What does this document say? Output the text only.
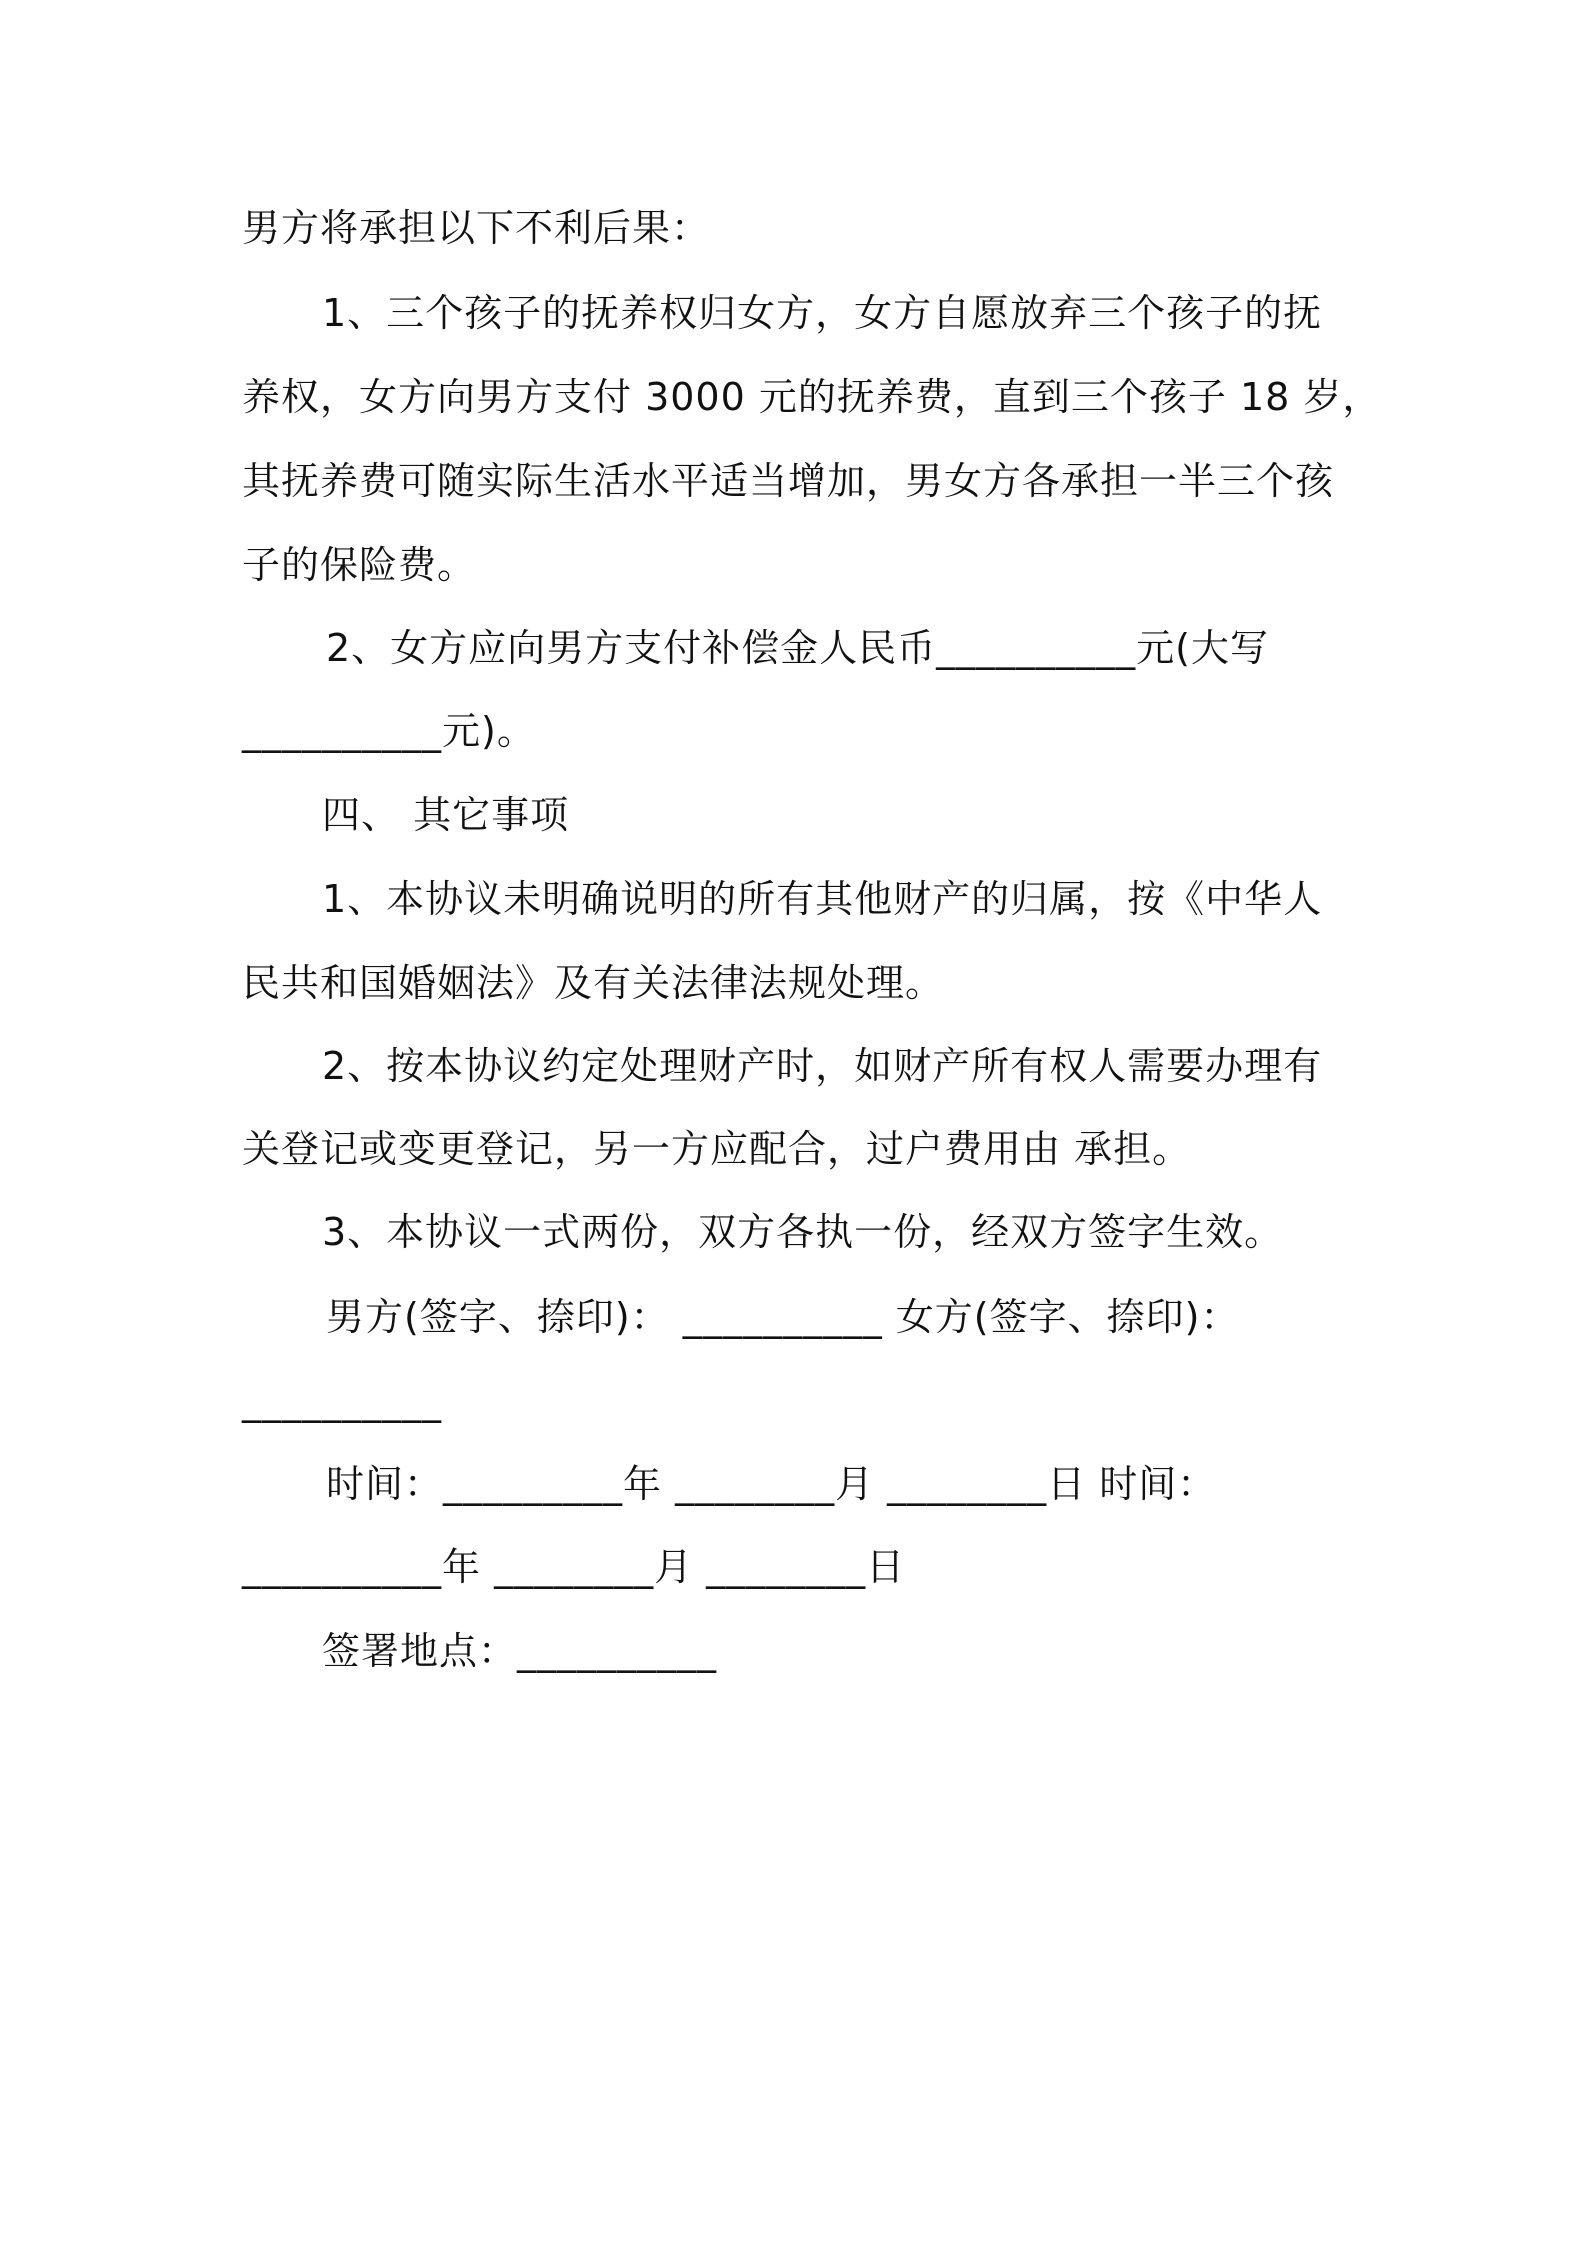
男方将承担以下不利后果：
1、三个孩子的抚养权归女方，女方自愿放弃三个孩子的抚
养权，女方向男方支付 3000 元的抚养费，直到三个孩子 18 岁，
其抚养费可随实际生活水平适当增加，男女方各承担一半三个孩
子的保险费。
2、女方应向男方支付补偿金人民币__________元(大写
__________元)。
四、 其它事项
1、本协议未明确说明的所有其他财产的归属，按《中华人
民共和国婚姻法》及有关法律法规处理。
2、按本协议约定处理财产时，如财产所有权人需要办理有
关登记或变更登记，另一方应配合，过户费用由 承担。
3、本协议一式两份，双方各执一份，经双方签字生效。
男方(签字、捺印)： __________ 女方(签字、捺印)：
__________
时间：_________年 ________月 ________日 时间：
__________年 ________月 ________日
签署地点：__________
